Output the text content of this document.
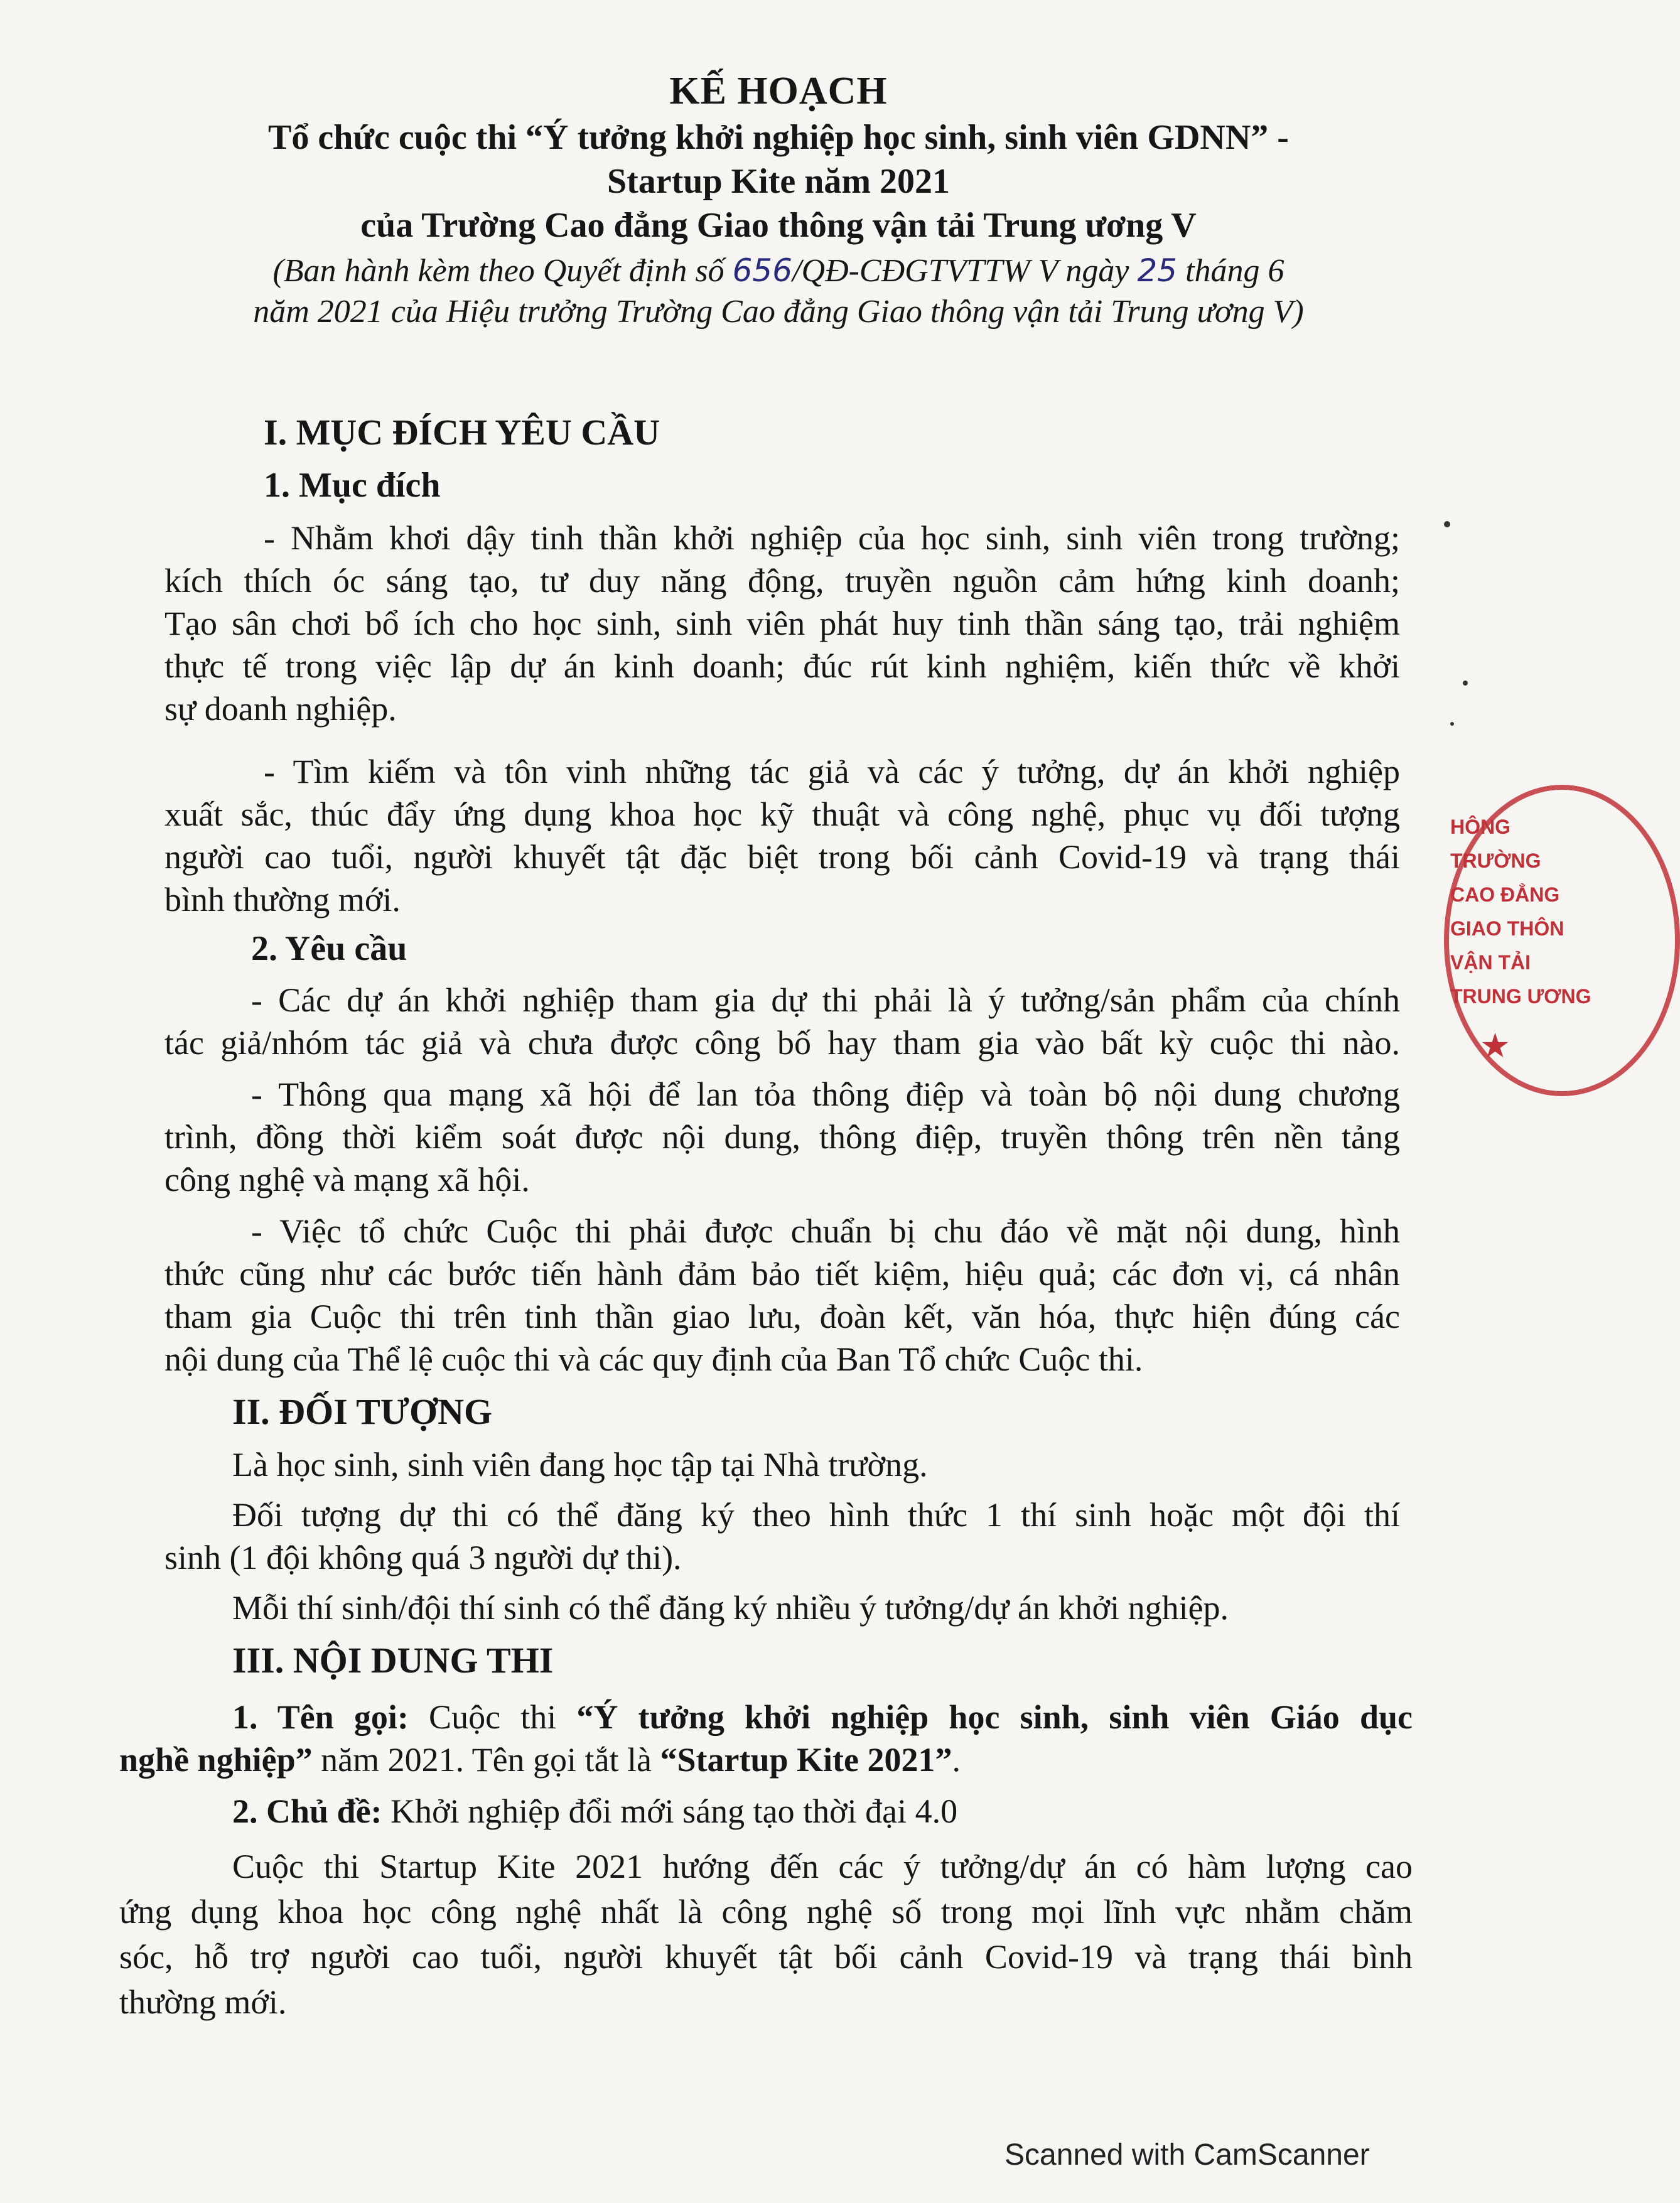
KẾ HOẠCH
Tổ chức cuộc thi “Ý tưởng khởi nghiệp học sinh, sinh viên GDNN” -
Startup Kite năm 2021
của Trường Cao đẳng Giao thông vận tải Trung ương V
(Ban hành kèm theo Quyết định số 656/QĐ-CĐGTVTTW V ngày 25 tháng 6
năm 2021 của Hiệu trưởng Trường Cao đẳng Giao thông vận tải Trung ương V)
I. MỤC ĐÍCH YÊU CẦU
1. Mục đích
- Nhằm khơi dậy tinh thần khởi nghiệp của học sinh, sinh viên trong trường;
kích thích óc sáng tạo, tư duy năng động, truyền nguồn cảm hứng kinh doanh;
Tạo sân chơi bổ ích cho học sinh, sinh viên phát huy tinh thần sáng tạo, trải nghiệm
thực tế trong việc lập dự án kinh doanh; đúc rút kinh nghiệm, kiến thức về khởi
sự doanh nghiệp.
- Tìm kiếm và tôn vinh những tác giả và các ý tưởng, dự án khởi nghiệp
xuất sắc, thúc đẩy ứng dụng khoa học kỹ thuật và công nghệ, phục vụ đối tượng
người cao tuổi, người khuyết tật đặc biệt trong bối cảnh Covid-19 và trạng thái
bình thường mới.
2. Yêu cầu
- Các dự án khởi nghiệp tham gia dự thi phải là ý tưởng/sản phẩm của chính
tác giả/nhóm tác giả và chưa được công bố hay tham gia vào bất kỳ cuộc thi nào.
- Thông qua mạng xã hội để lan tỏa thông điệp và toàn bộ nội dung chương
trình, đồng thời kiểm soát được nội dung, thông điệp, truyền thông trên nền tảng
công nghệ và mạng xã hội.
- Việc tổ chức Cuộc thi phải được chuẩn bị chu đáo về mặt nội dung, hình
thức cũng như các bước tiến hành đảm bảo tiết kiệm, hiệu quả; các đơn vị, cá nhân
tham gia Cuộc thi trên tinh thần giao lưu, đoàn kết, văn hóa, thực hiện đúng các
nội dung của Thể lệ cuộc thi và các quy định của Ban Tổ chức Cuộc thi.
II. ĐỐI TƯỢNG
Là học sinh, sinh viên đang học tập tại Nhà trường.
Đối tượng dự thi có thể đăng ký theo hình thức 1 thí sinh hoặc một đội thí
sinh (1 đội không quá 3 người dự thi).
Mỗi thí sinh/đội thí sinh có thể đăng ký nhiều ý tưởng/dự án khởi nghiệp.
III. NỘI DUNG THI
1. Tên gọi: Cuộc thi “Ý tưởng khởi nghiệp học sinh, sinh viên Giáo dục
nghề nghiệp” năm 2021. Tên gọi tắt là “Startup Kite 2021”.
2. Chủ đề: Khởi nghiệp đổi mới sáng tạo thời đại 4.0
Cuộc thi Startup Kite 2021 hướng đến các ý tưởng/dự án có hàm lượng cao
ứng dụng khoa học công nghệ nhất là công nghệ số trong mọi lĩnh vực nhằm chăm
sóc, hỗ trợ người cao tuổi, người khuyết tật bối cảnh Covid-19 và trạng thái bình
thường mới.
HÔNG
TRƯỜNG
CAO ĐẲNG
GIAO THÔN
VẬN TẢI
TRUNG ƯƠNG
★
Scanned with CamScanner
